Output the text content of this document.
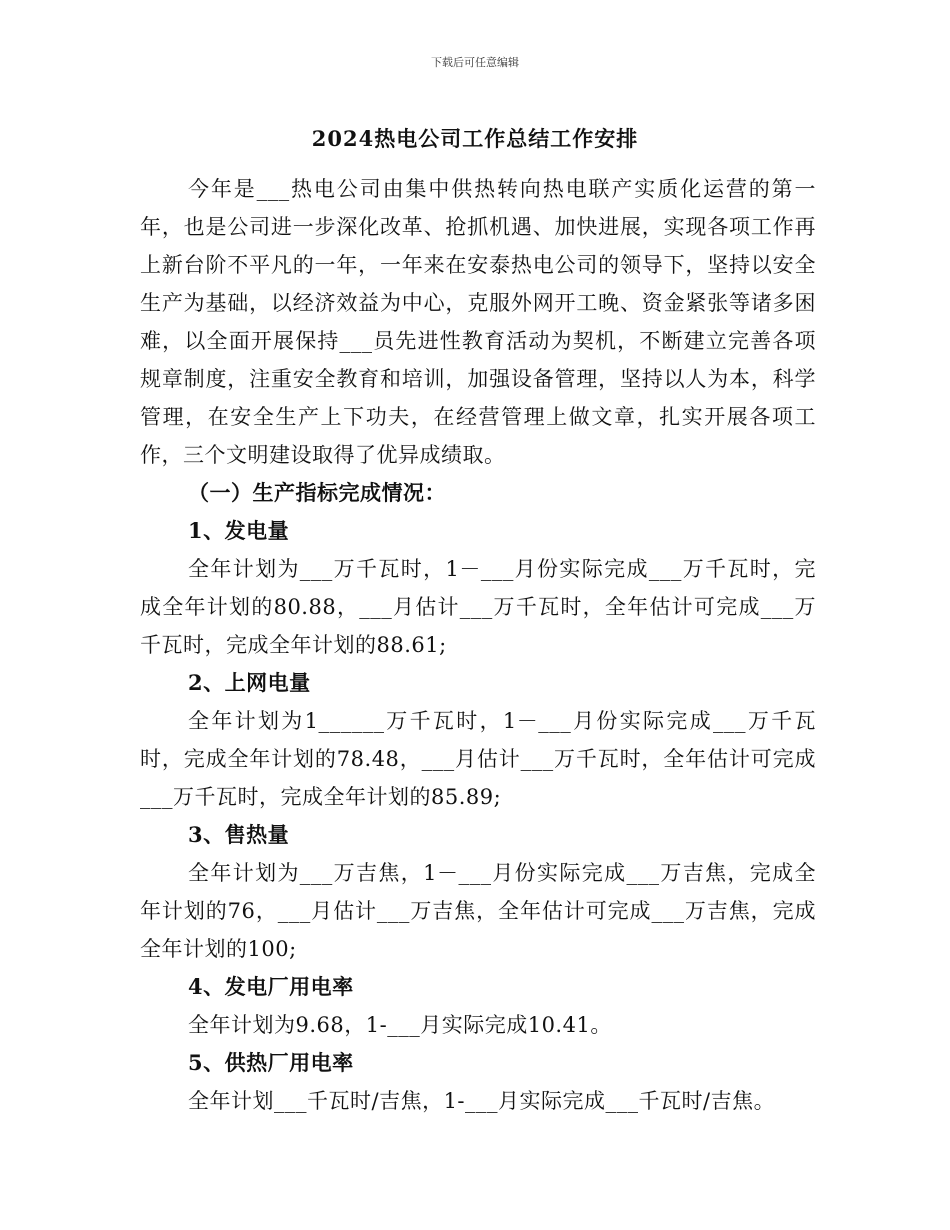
下载后可任意编辑
2024热电公司工作总结工作安排

今年是___热电公司由集中供热转向热电联产实质化运营的第一年，也是公司进一步深化改革、抢抓机遇、加快进展，实现各项工作再上新台阶不平凡的一年，一年来在安泰热电公司的领导下，坚持以安全生产为基础，以经济效益为中心，克服外网开工晚、资金紧张等诸多困难，以全面开展保持___员先进性教育活动为契机，不断建立完善各项规章制度，注重安全教育和培训，加强设备管理，坚持以人为本，科学管理，在安全生产上下功夫，在经营管理上做文章，扎实开展各项工作，三个文明建设取得了优异成绩取。

（一）生产指标完成情况：

1、发电量

全年计划为___万千瓦时，1－___月份实际完成___万千瓦时，完成全年计划的80.88，___月估计___万千瓦时，全年估计可完成___万千瓦时，完成全年计划的88.61;

2、上网电量

全年计划为1______万千瓦时，1－___月份实际完成___万千瓦时，完成全年计划的78.48，___月估计___万千瓦时，全年估计可完成___万千瓦时，完成全年计划的85.89;

3、售热量

全年计划为___万吉焦，1－___月份实际完成___万吉焦，完成全年计划的76，___月估计___万吉焦，全年估计可完成___万吉焦，完成全年计划的100;

4、发电厂用电率

全年计划为9.68，1-___月实际完成10.41。

5、供热厂用电率

全年计划___千瓦时/吉焦，1-___月实际完成___千瓦时/吉焦。
